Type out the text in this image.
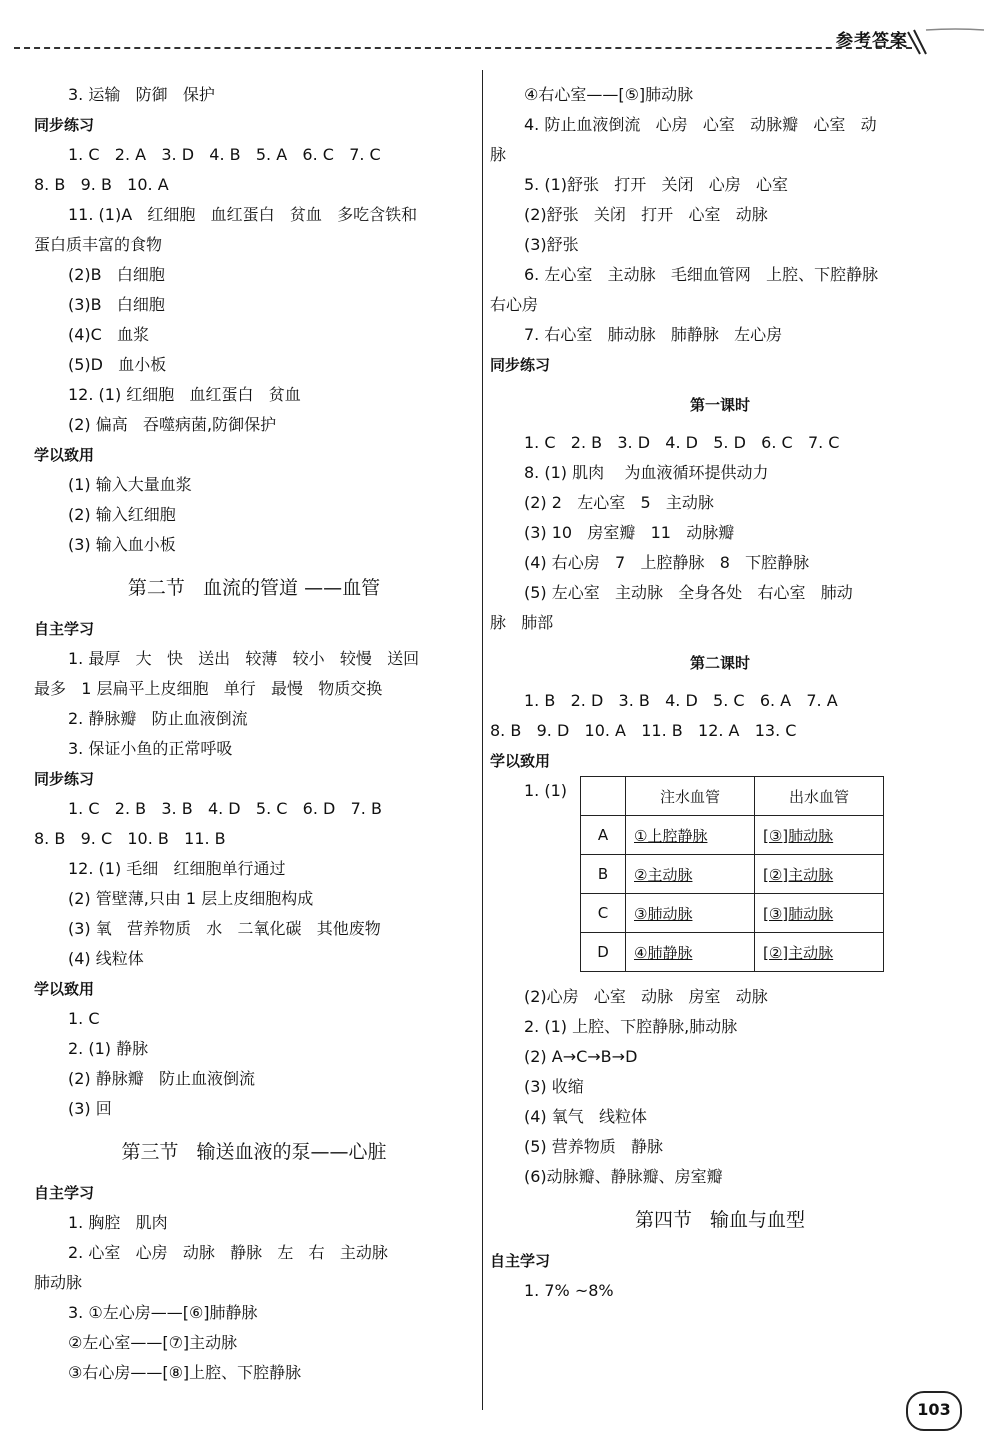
参考答案
3. 运输   防御   保护
同步练习
1. C   2. A   3. D   4. B   5. A   6. C   7. C
8. B   9. B   10. A
11. (1)A   红细胞   血红蛋白   贫血   多吃含铁和
蛋白质丰富的食物
(2)B   白细胞
(3)B   白细胞
(4)C   血浆
(5)D   血小板
12. (1) 红细胞   血红蛋白   贫血
(2) 偏高   吞噬病菌,防御保护
学以致用
(1) 输入大量血浆
(2) 输入红细胞
(3) 输入血小板
第二节   血流的管道 ——血管
自主学习
1. 最厚   大   快   送出   较薄   较小   较慢   送回
最多   1 层扁平上皮细胞   单行   最慢   物质交换
2. 静脉瓣   防止血液倒流
3. 保证小鱼的正常呼吸
同步练习
1. C   2. B   3. B   4. D   5. C   6. D   7. B
8. B   9. C   10. B   11. B
12. (1) 毛细   红细胞单行通过
(2) 管壁薄,只由 1 层上皮细胞构成
(3) 氧   营养物质   水   二氧化碳   其他废物
(4) 线粒体
学以致用
1. C
2. (1) 静脉
(2) 静脉瓣   防止血液倒流
(3) 回
第三节   输送血液的泵——心脏
自主学习
1. 胸腔   肌肉
2. 心室   心房   动脉   静脉   左   右   主动脉
肺动脉
3. ①左心房——[⑥]肺静脉
②左心室——[⑦]主动脉
③右心房——[⑧]上腔、下腔静脉
④右心室——[⑤]肺动脉
4. 防止血液倒流   心房   心室   动脉瓣   心室   动
脉
5. (1)舒张   打开   关闭   心房   心室
(2)舒张   关闭   打开   心室   动脉
(3)舒张
6. 左心室   主动脉   毛细血管网   上腔、下腔静脉
右心房
7. 右心室   肺动脉   肺静脉   左心房
同步练习
第一课时
1. C   2. B   3. D   4. D   5. D   6. C   7. C
8. (1) 肌肉    为血液循环提供动力
(2) 2   左心室   5   主动脉
(3) 10   房室瓣   11   动脉瓣
(4) 右心房   7   上腔静脉   8   下腔静脉
(5) 左心室   主动脉   全身各处   右心室   肺动
脉   肺部
第二课时
1. B   2. D   3. B   4. D   5. C   6. A   7. A
8. B   9. D   10. A   11. B   12. A   13. C
学以致用
1. (1)
		注水血管	出水血管
A	①上腔静脉	[③]肺动脉
B	②主动脉	[②]主动脉
C	③肺动脉	[③]肺动脉
D	④肺静脉	[②]主动脉
(2)心房   心室   动脉   房室   动脉
2. (1) 上腔、下腔静脉,肺动脉
(2) A→C→B→D
(3) 收缩
(4) 氧气   线粒体
(5) 营养物质   静脉
(6)动脉瓣、静脉瓣、房室瓣
第四节   输血与血型
自主学习
1. 7% ~8%
103
